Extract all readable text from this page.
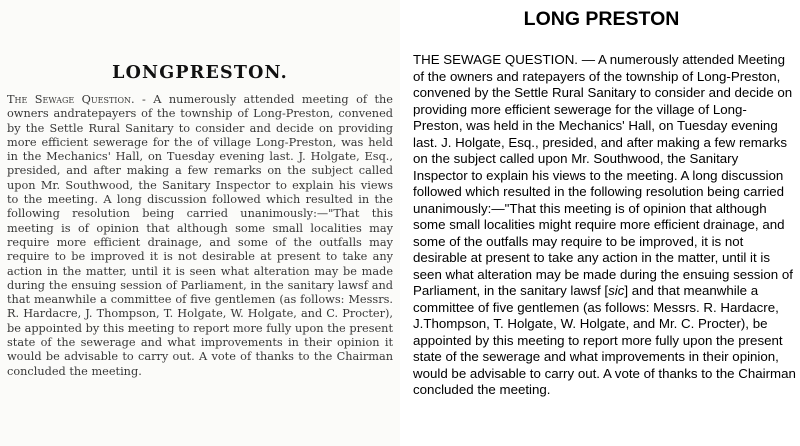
LONGPRESTON.

The Sewage Question. - A numerously attended meeting of the owners andratepayers of the township of Long-Preston, convened by the Settle Rural Sanitary to consider and decide on providing more efficient sewerage for the of village Long-Preston, was held in the Mechanics' Hall, on Tuesday evening last. J. Holgate, Esq., presided, and after making a few remarks on the subject called upon Mr. Southwood, the Sanitary Inspector to explain his views to the meeting. A long discussion followed which resulted in the following resolution being carried unanimously:—"That this meeting is of opinion that although some small localities may require more efficient drainage, and some of the outfalls may require to be improved it is not desirable at present to take any action in the matter, until it is seen what alteration may be made during the ensuing session of Parliament, in the sanitary lawsf and that meanwhile a committee of five gentlemen (as follows: Messrs. R. Hardacre, J. Thompson, T. Holgate, W. Holgate, and C. Procter), be appointed by this meeting to report more fully upon the present state of the sewerage and what improvements in their opinion it would be advisable to carry out. A vote of thanks to the Chairman concluded the meeting.

LONG PRESTON

THE SEWAGE QUESTION. — A numerously attended Meeting of the owners and ratepayers of the township of Long-Preston, convened by the Settle Rural Sanitary to consider and decide on providing more efficient sewerage for the village of Long-Preston, was held in the Mechanics' Hall, on Tuesday evening last. J. Holgate, Esq., presided, and after making a few remarks on the subject called upon Mr. Southwood, the Sanitary Inspector to explain his views to the meeting. A long discussion followed which resulted in the following resolution being carried unanimously:—"That this meeting is of opinion that although some small localities might require more efficient drainage, and some of the outfalls may require to be improved, it is not desirable at present to take any action in the matter, until it is seen what alteration may be made during the ensuing session of Parliament, in the sanitary lawsf [sic] and that meanwhile a committee of five gentlemen (as follows: Messrs. R. Hardacre, J.Thompson, T. Holgate, W. Holgate, and Mr. C. Procter), be appointed by this meeting to report more fully upon the present state of the sewerage and what improvements in their opinion, would be advisable to carry out. A vote of thanks to the Chairman concluded the meeting.
